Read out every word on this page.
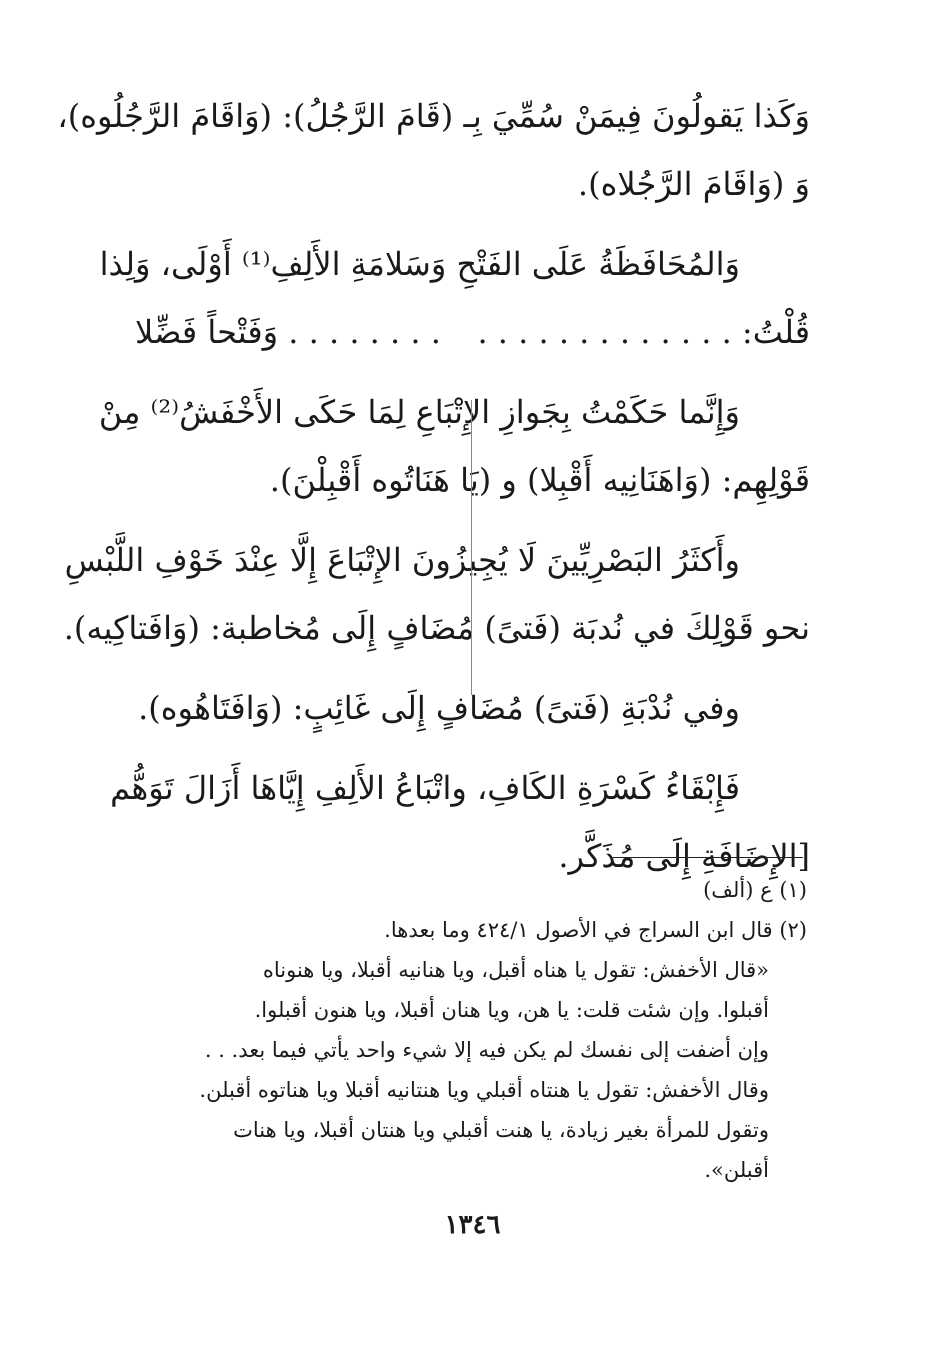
وَكَذا يَقولُونَ فِيمَنْ سُمِّيَ بِـ (قَامَ الرَّجُلُ): (وَاقَامَ الرَّجُلُوه)،
وَ (وَاقَامَ الرَّجُلاه).
وَالمُحَافَظَةُ عَلَى الفَتْحِ وَسَلامَةِ الأَلِفِ⁽¹⁾ أَوْلَى، وَلِذا
قُلْتُ: . . . . . . . . . . . . .
. . . . . . . . وَفَتْحاً فَضِّلا
وَإِنَّما حَكَمْتُ بِجَوازِ الإِتْبَاعِ لِمَا حَكَى الأَخْفَشُ⁽²⁾ مِنْ
قَوْلِهِم: (وَاهَنَانِيه أَقْبِلا) و (يَا هَنَاتُوه أَقْبِلْنَ).
وأَكثَرُ البَصْرِيِّينَ لَا يُجِيزُونَ الإِتْبَاعَ إِلَّا عِنْدَ خَوْفِ اللَّبْسِ
نحو قَوْلِكَ في نُدبَة (فَتىً) مُضَافٍ إِلَى مُخاطبة: (وَافَتاكِيه).
وفي نُدْبَةِ (فَتىً) مُضَافٍ إِلَى غَائِبٍ: (وَافَتَاهُوه).
فَإِبْقَاءُ كَسْرَةِ الكَافِ، واتْبَاعُ الأَلِفِ إِيَّاهَا أَزَالَ تَوَهُّم
[الإِضَافَةِ إِلَى مُذَكَّر.
(١) ع (ألف)
(٢) قال ابن السراج في الأصول ٤٢٤/١ وما بعدها.
«قال الأخفش: تقول يا هناه أقبل، ويا هنانيه أقبلا، ويا هنوناه
أقبلوا. وإن شئت قلت: يا هن، ويا هنان أقبلا، ويا هنون أقبلوا.
وإن أضفت إلى نفسك لم يكن فيه إلا شيء واحد يأتي فيما بعد. . .
وقال الأخفش: تقول يا هنتاه أقبلي ويا هنتانيه أقبلا ويا هناتوه أقبلن.
وتقول للمرأة بغير زيادة، يا هنت أقبلي ويا هنتان أقبلا، ويا هنات
أقبلن».
١٣٤٦
